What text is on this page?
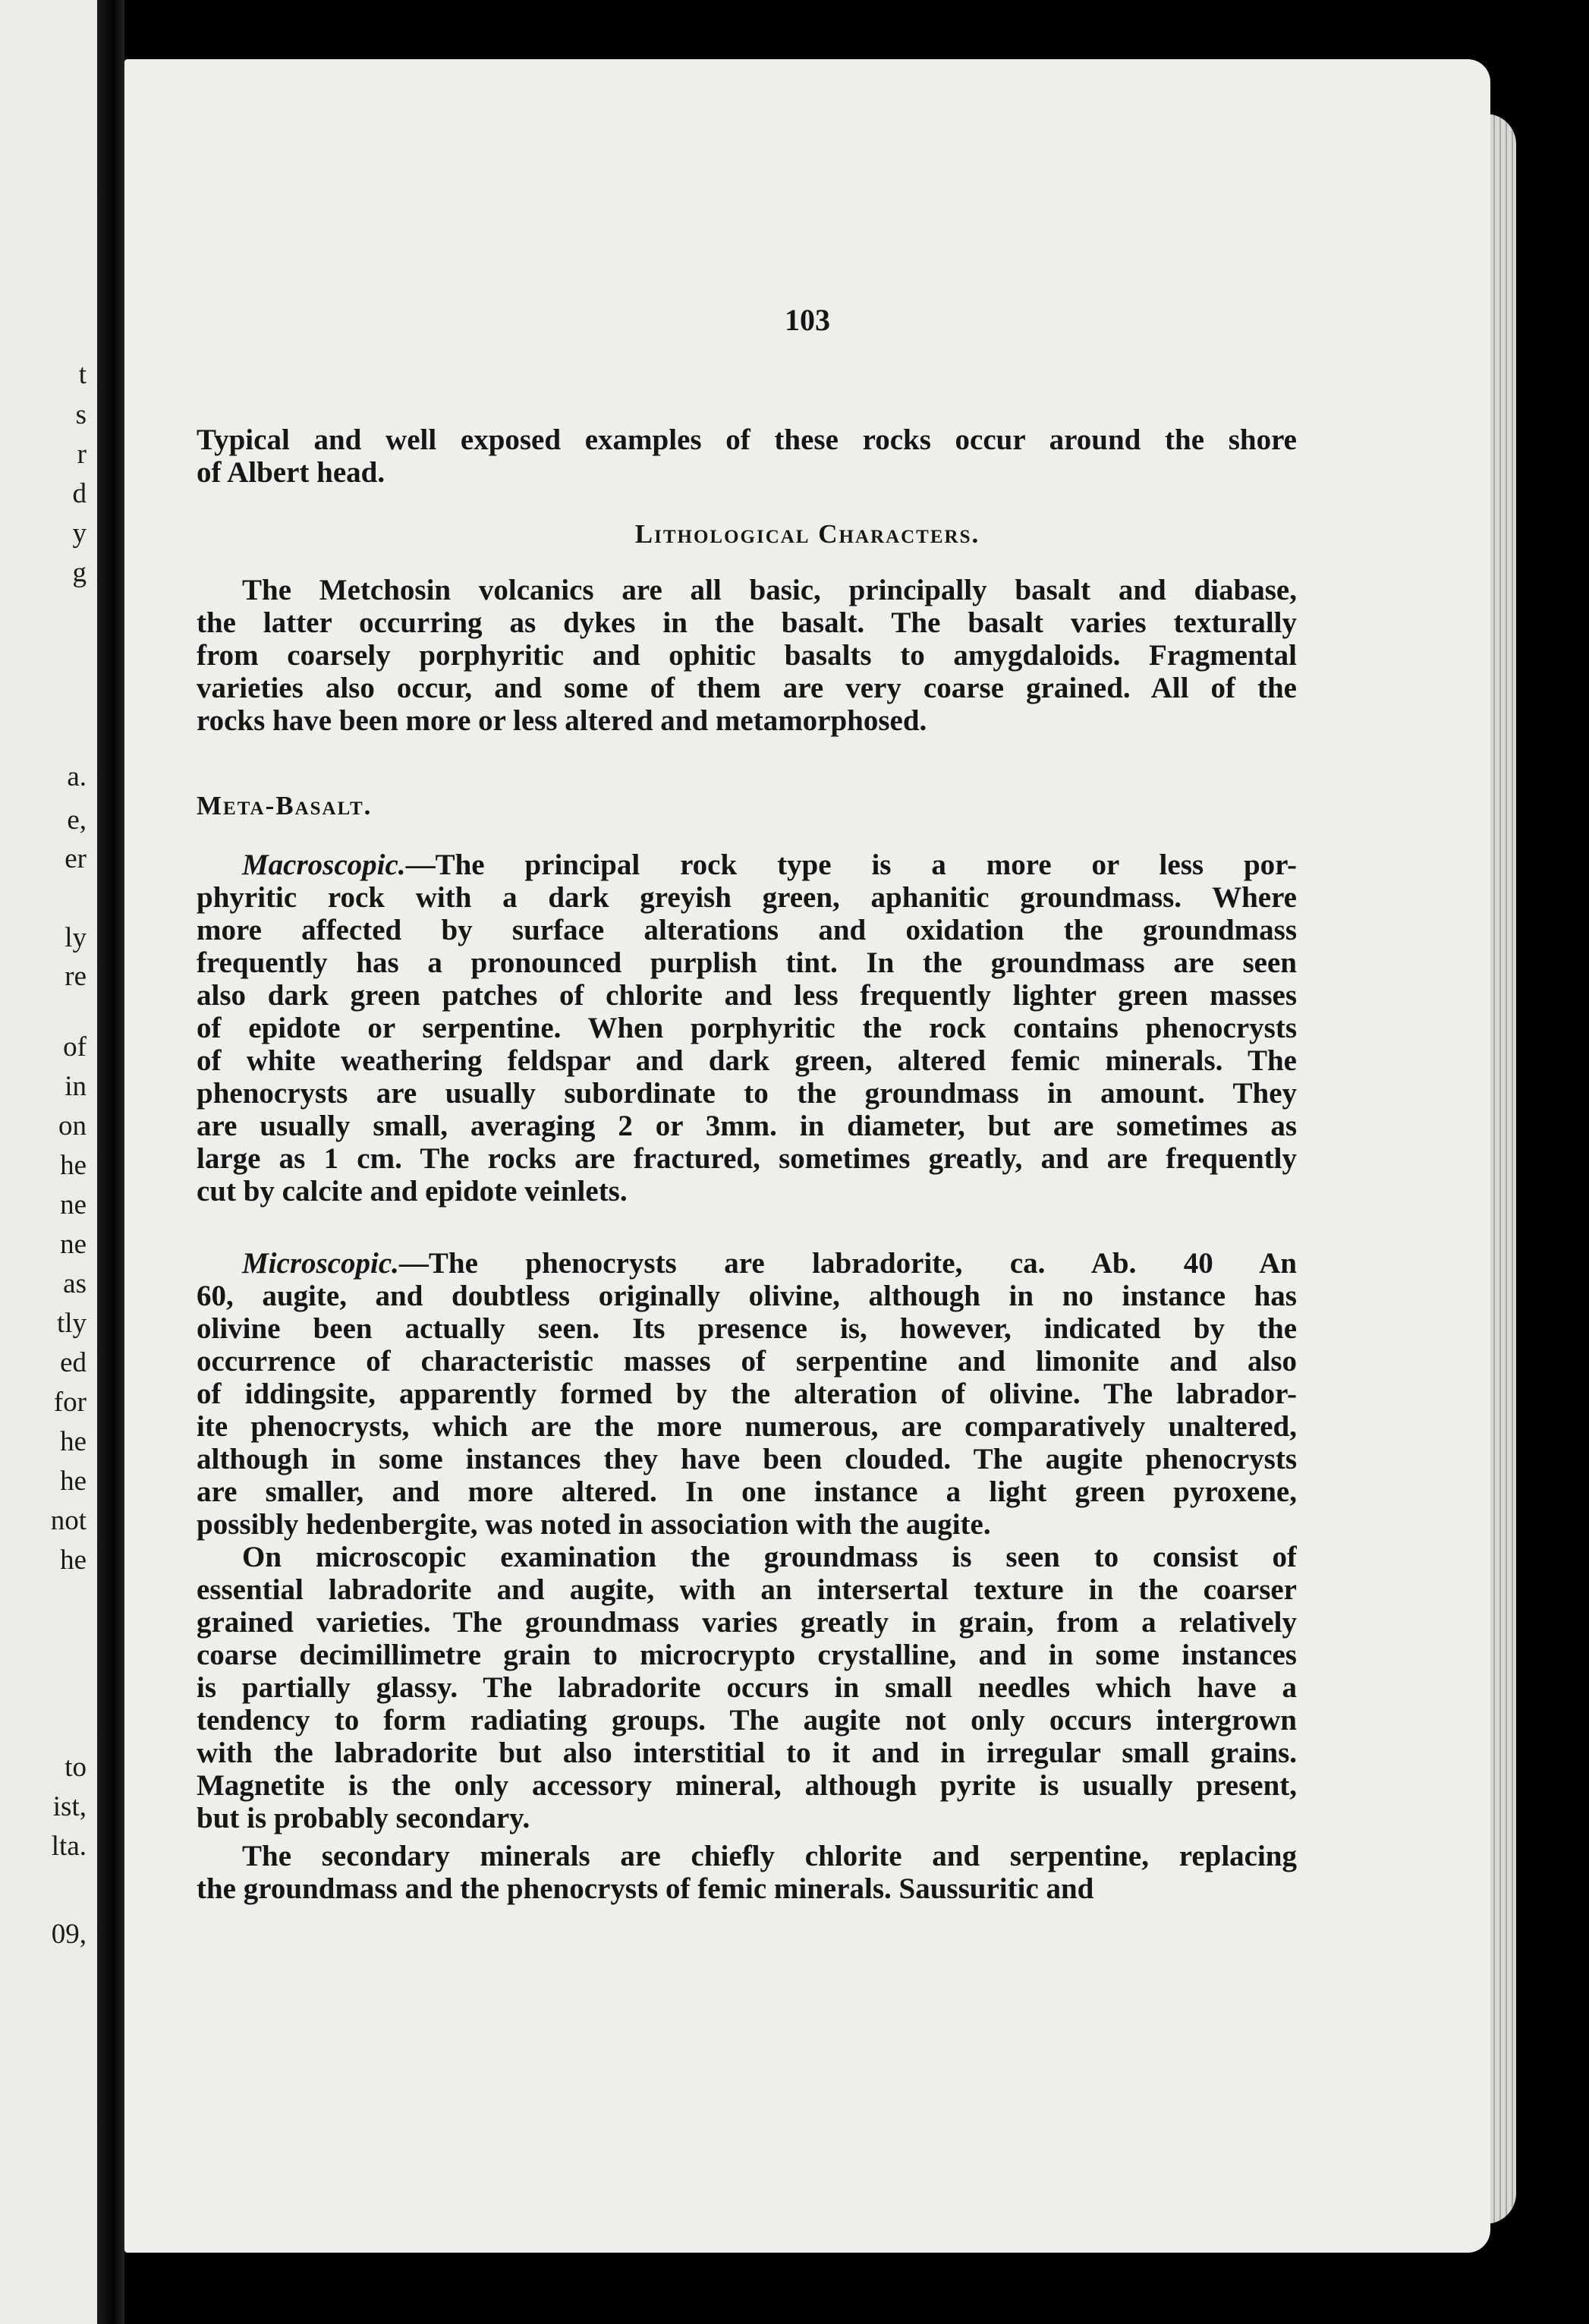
t
s
r
d
y
g
a.
e,
er
ly
re
of
in
on
he
ne
ne
as
tly
ed
for
he
he
not
he
to
ist,
lta.
09,
103
Typical and well exposed examples of these rocks occur around the shore
of Albert head.
Lithological Characters.
The Metchosin volcanics are all basic, principally basalt and diabase,
the latter occurring as dykes in the basalt. The basalt varies texturally
from coarsely porphyritic and ophitic basalts to amygdaloids. Fragmental
varieties also occur, and some of them are very coarse grained. All of the
rocks have been more or less altered and metamorphosed.
Meta-Basalt.
Macroscopic.—The principal rock type is a more or less por-
phyritic rock with a dark greyish green, aphanitic groundmass. Where
more affected by surface alterations and oxidation the groundmass
frequently has a pronounced purplish tint. In the groundmass are seen
also dark green patches of chlorite and less frequently lighter green masses
of epidote or serpentine. When porphyritic the rock contains phenocrysts
of white weathering feldspar and dark green, altered femic minerals. The
phenocrysts are usually subordinate to the groundmass in amount. They
are usually small, averaging 2 or 3mm. in diameter, but are sometimes as
large as 1 cm. The rocks are fractured, sometimes greatly, and are frequently
cut by calcite and epidote veinlets.
Microscopic.—The phenocrysts are labradorite, ca. Ab. 40 An
60, augite, and doubtless originally olivine, although in no instance has
olivine been actually seen. Its presence is, however, indicated by the
occurrence of characteristic masses of serpentine and limonite and also
of iddingsite, apparently formed by the alteration of olivine. The labrador-
ite phenocrysts, which are the more numerous, are comparatively unaltered,
although in some instances they have been clouded. The augite phenocrysts
are smaller, and more altered. In one instance a light green pyroxene,
possibly hedenbergite, was noted in association with the augite.
On microscopic examination the groundmass is seen to consist of
essential labradorite and augite, with an intersertal texture in the coarser
grained varieties. The groundmass varies greatly in grain, from a relatively
coarse decimillimetre grain to microcrypto crystalline, and in some instances
is partially glassy. The labradorite occurs in small needles which have a
tendency to form radiating groups. The augite not only occurs intergrown
with the labradorite but also interstitial to it and in irregular small grains.
Magnetite is the only accessory mineral, although pyrite is usually present,
but is probably secondary.
The secondary minerals are chiefly chlorite and serpentine, replacing
the groundmass and the phenocrysts of femic minerals. Saussuritic and
